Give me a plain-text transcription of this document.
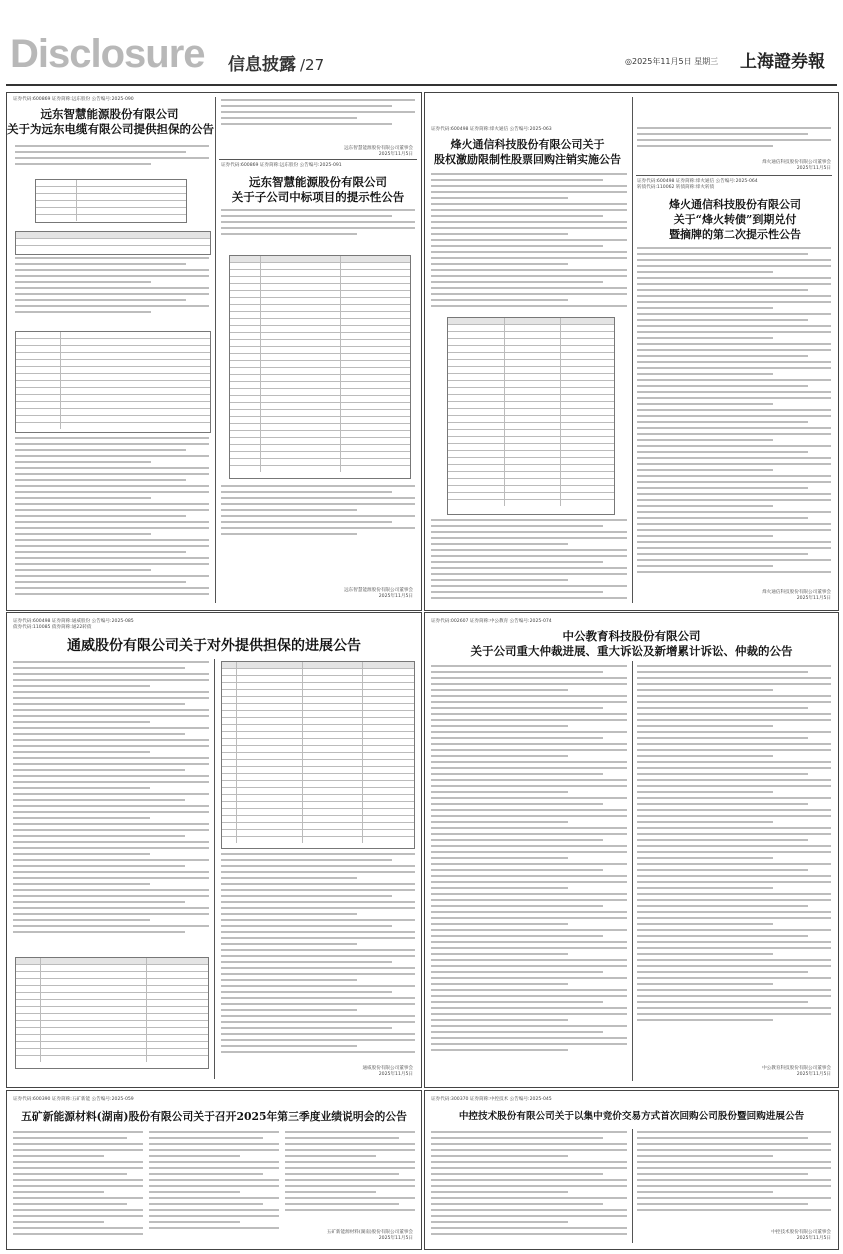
Disclosure 信息披露 /27	◎2025年11月5日 星期三 上海證券報
证券代码:600869 证券简称:远东股份 公告编号:2025-090
远东智慧能源股份有限公司
关于为远东电缆有限公司提供担保的公告
远东智慧能源股份有限公司董事会
2025年11月5日
证券代码:600869 证券简称:远东股份 公告编号:2025-091
远东智慧能源股份有限公司
关于子公司中标项目的提示性公告
远东智慧能源股份有限公司董事会
2025年11月5日
证券代码:600498 证券简称:烽火通信 公告编号:2025-063
烽火通信科技股份有限公司关于
股权激励限制性股票回购注销实施公告	烽火通信科技股份有限公司董事会
2025年11月5日
证券代码:600498 证券简称:烽火通信 公告编号:2025-064
转债代码:110062 转债简称:烽火转债
烽火通信科技股份有限公司
关于“烽火转债”到期兑付
暨摘牌的第二次提示性公告
烽火通信科技股份有限公司董事会
2025年11月5日
证券代码:600498 证券简称:通威股份 公告编号:2025-085
债券代码:110085 债券简称:通22转债
通威股份有限公司关于对外提供担保的进展公告
通威股份有限公司董事会
2025年11月5日
证券代码:002607 证券简称:中公教育 公告编号:2025-074
中公教育科技股份有限公司
关于公司重大仲裁进展、重大诉讼及新增累计诉讼、仲裁的公告
中公教育科技股份有限公司董事会
2025年11月5日
证券代码:600390 证券简称:五矿新能 公告编号:2025-059
五矿新能源材料(湖南)股份有限公司关于召开2025年第三季度业绩说明会的公告
五矿新能源材料(湖南)股份有限公司董事会
2025年11月5日
证券代码:300370 证券简称:中控技术 公告编号:2025-045
中控技术股份有限公司关于以集中竞价交易方式首次回购公司股份暨回购进展公告
中控技术股份有限公司董事会
2025年11月5日
